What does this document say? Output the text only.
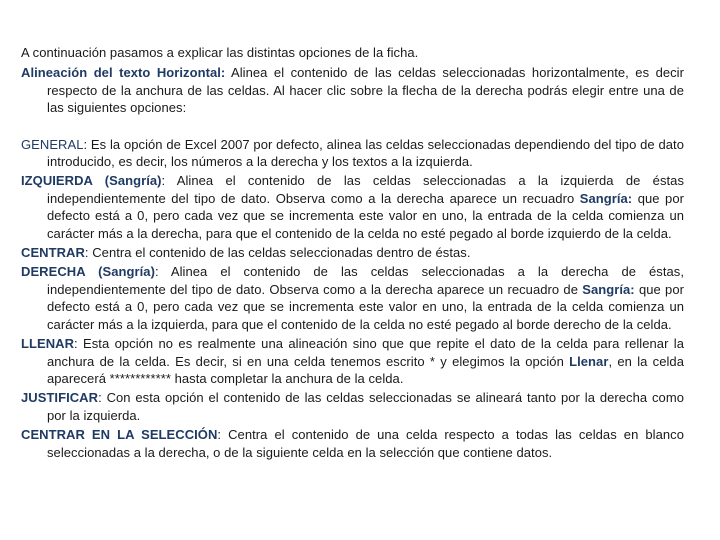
A continuación pasamos a explicar las distintas opciones de la ficha.

Alineación del texto Horizontal: Alinea el contenido de las celdas seleccionadas horizontalmente, es decir respecto de la anchura de las celdas. Al hacer clic sobre la flecha de la derecha podrás elegir entre una de las siguientes opciones:

GENERAL: Es la opción de Excel 2007 por defecto, alinea las celdas seleccionadas dependiendo del tipo de dato introducido, es decir, los números a la derecha y los textos a la izquierda.

IZQUIERDA (Sangría): Alinea el contenido de las celdas seleccionadas a la izquierda de éstas independientemente del tipo de dato. Observa como a la derecha aparece un recuadro Sangría: que por defecto está a 0, pero cada vez que se incrementa este valor en uno, la entrada de la celda comienza un carácter más a la derecha, para que el contenido de la celda no esté pegado al borde izquierdo de la celda.

CENTRAR: Centra el contenido de las celdas seleccionadas dentro de éstas.

DERECHA (Sangría): Alinea el contenido de las celdas seleccionadas a la derecha de éstas, independientemente del tipo de dato. Observa como a la derecha aparece un recuadro de Sangría: que por defecto está a 0, pero cada vez que se incrementa este valor en uno, la entrada de la celda comienza un carácter más a la izquierda, para que el contenido de la celda no esté pegado al borde derecho de la celda.

LLENAR: Esta opción no es realmente una alineación sino que que repite el dato de la celda para rellenar la anchura de la celda. Es decir, si en una celda tenemos escrito * y elegimos la opción Llenar, en la celda aparecerá ************ hasta completar la anchura de la celda.

JUSTIFICAR: Con esta opción el contenido de las celdas seleccionadas se alineará tanto por la derecha como por la izquierda.

CENTRAR EN LA SELECCIÓN: Centra el contenido de una celda respecto a todas las celdas en blanco seleccionadas a la derecha, o de la siguiente celda en la selección que contiene datos.
